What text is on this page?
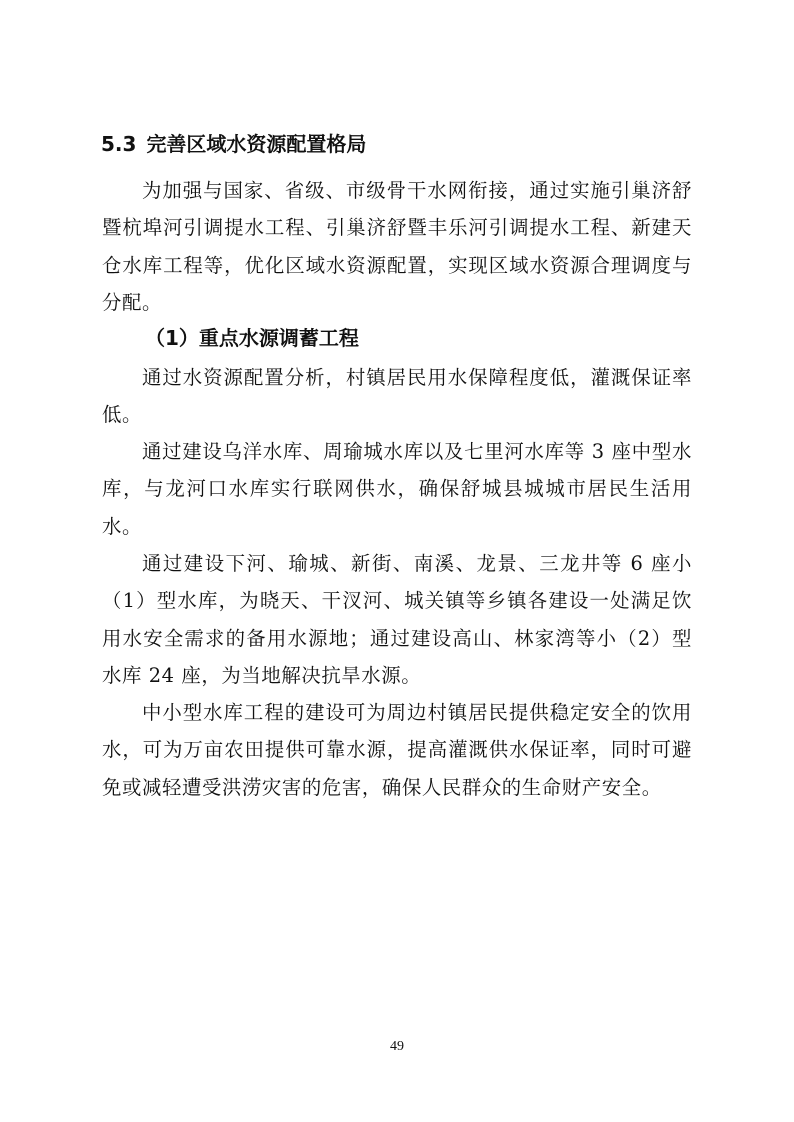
5.3 完善区域水资源配置格局

为加强与国家、省级、市级骨干水网衔接，通过实施引巢济舒暨杭埠河引调提水工程、引巢济舒暨丰乐河引调提水工程、新建天仓水库工程等，优化区域水资源配置，实现区域水资源合理调度与分配。

（1）重点水源调蓄工程

通过水资源配置分析，村镇居民用水保障程度低，灌溉保证率低。

通过建设乌洋水库、周瑜城水库以及七里河水库等 3 座中型水库，与龙河口水库实行联网供水，确保舒城县城城市居民生活用水。

通过建设下河、瑜城、新街、南溪、龙景、三龙井等 6 座小（1）型水库，为晓天、干汊河、城关镇等乡镇各建设一处满足饮用水安全需求的备用水源地；通过建设高山、林家湾等小（2）型水库 24 座，为当地解决抗旱水源。

中小型水库工程的建设可为周边村镇居民提供稳定安全的饮用水，可为万亩农田提供可靠水源，提高灌溉供水保证率，同时可避免或减轻遭受洪涝灾害的危害，确保人民群众的生命财产安全。

49
